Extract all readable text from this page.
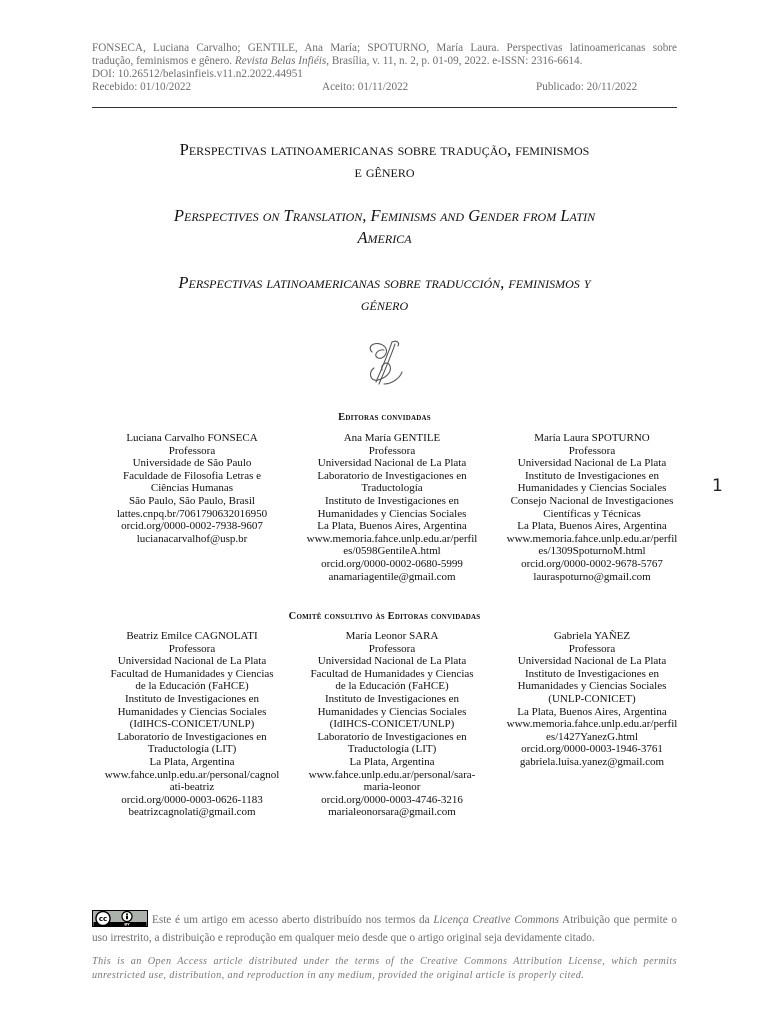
FONSECA, Luciana Carvalho; GENTILE, Ana María; SPOTURNO, María Laura. Perspectivas latinoamericanas sobre

tradução, feminismos e gênero. Revista Belas Infiéis, Brasília, v. 11, n. 2, p. 01-09, 2022. e-ISSN: 2316-6614.

DOI: 10.26512/belasinfieis.v11.n2.2022.44951

Recebido: 01/10/2022	Aceito: 01/11/2022	Publicado: 20/11/2022

Perspectivas latinoamericanas sobre tradução, feminismos
e gênero
Perspectives on Translation, Feminisms and Gender from Latin
America
Perspectivas latinoamericanas sobre traducción, feminismos y
género
Editoras convidadas
Luciana Carvalho FONSECA
Professora
Universidade de São Paulo
Faculdade de Filosofia Letras e
Ciências Humanas
São Paulo, São Paulo, Brasil
lattes.cnpq.br/7061790632016950
orcid.org/0000-0002-7938-9607
lucianacarvalhof@usp.br
Ana María GENTILE
Professora
Universidad Nacional de La Plata
Laboratorio de Investigaciones en
Traductología
Instituto de Investigaciones en
Humanidades y Ciencias Sociales
La Plata, Buenos Aires, Argentina
www.memoria.fahce.unlp.edu.ar/perfil
es/0598GentileA.html
orcid.org/0000-0002-0680-5999
anamariagentile@gmail.com
María Laura SPOTURNO
Professora
Universidad Nacional de La Plata
Instituto de Investigaciones en
Humanidades y Ciencias Sociales
Consejo Nacional de Investigaciones
Científicas y Técnicas
La Plata, Buenos Aires, Argentina
www.memoria.fahce.unlp.edu.ar/perfil
es/1309SpoturnoM.html
orcid.org/0000-0002-9678-5767
lauraspoturno@gmail.com
1
Comitê consultivo às Editoras convidadas
Beatriz Emilce CAGNOLATI
Professora
Universidad Nacional de La Plata
Facultad de Humanidades y Ciencias
de la Educación (FaHCE)
Instituto de Investigaciones en
Humanidades y Ciencias Sociales
(IdIHCS-CONICET/UNLP)
Laboratorio de Investigaciones en
Traductología (LIT)
La Plata, Argentina
www.fahce.unlp.edu.ar/personal/cagnol
ati-beatriz
orcid.org/0000-0003-0626-1183
beatrizcagnolati@gmail.com
María Leonor SARA
Professora
Universidad Nacional de La Plata
Facultad de Humanidades y Ciencias
de la Educación (FaHCE)
Instituto de Investigaciones en
Humanidades y Ciencias Sociales
(IdIHCS-CONICET/UNLP)
Laboratorio de Investigaciones en
Traductología (LIT)
La Plata, Argentina
www.fahce.unlp.edu.ar/personal/sara-
maria-leonor
orcid.org/0000-0003-4746-3216
marialeonorsara@gmail.com
Gabriela YAÑEZ
Professora
Universidad Nacional de La Plata
Instituto de Investigaciones en
Humanidades y Ciencias Sociales
(UNLP-CONICET)
La Plata, Buenos Aires, Argentina
www.memoria.fahce.unlp.edu.ar/perfil
es/1427YanezG.html
orcid.org/0000-0003-1946-3761
gabriela.luisa.yanez@gmail.com
cc
BY Este é um artigo em acesso aberto distribuído nos termos da Licença Creative Commons Atribuição que permite o uso irrestrito, a distribuição e reprodução em qualquer meio desde que o artigo original seja devidamente citado.
This is an Open Access article distributed under the terms of the Creative Commons Attribution License, which permits unrestricted use, distribution, and reproduction in any medium, provided the original article is properly cited.
